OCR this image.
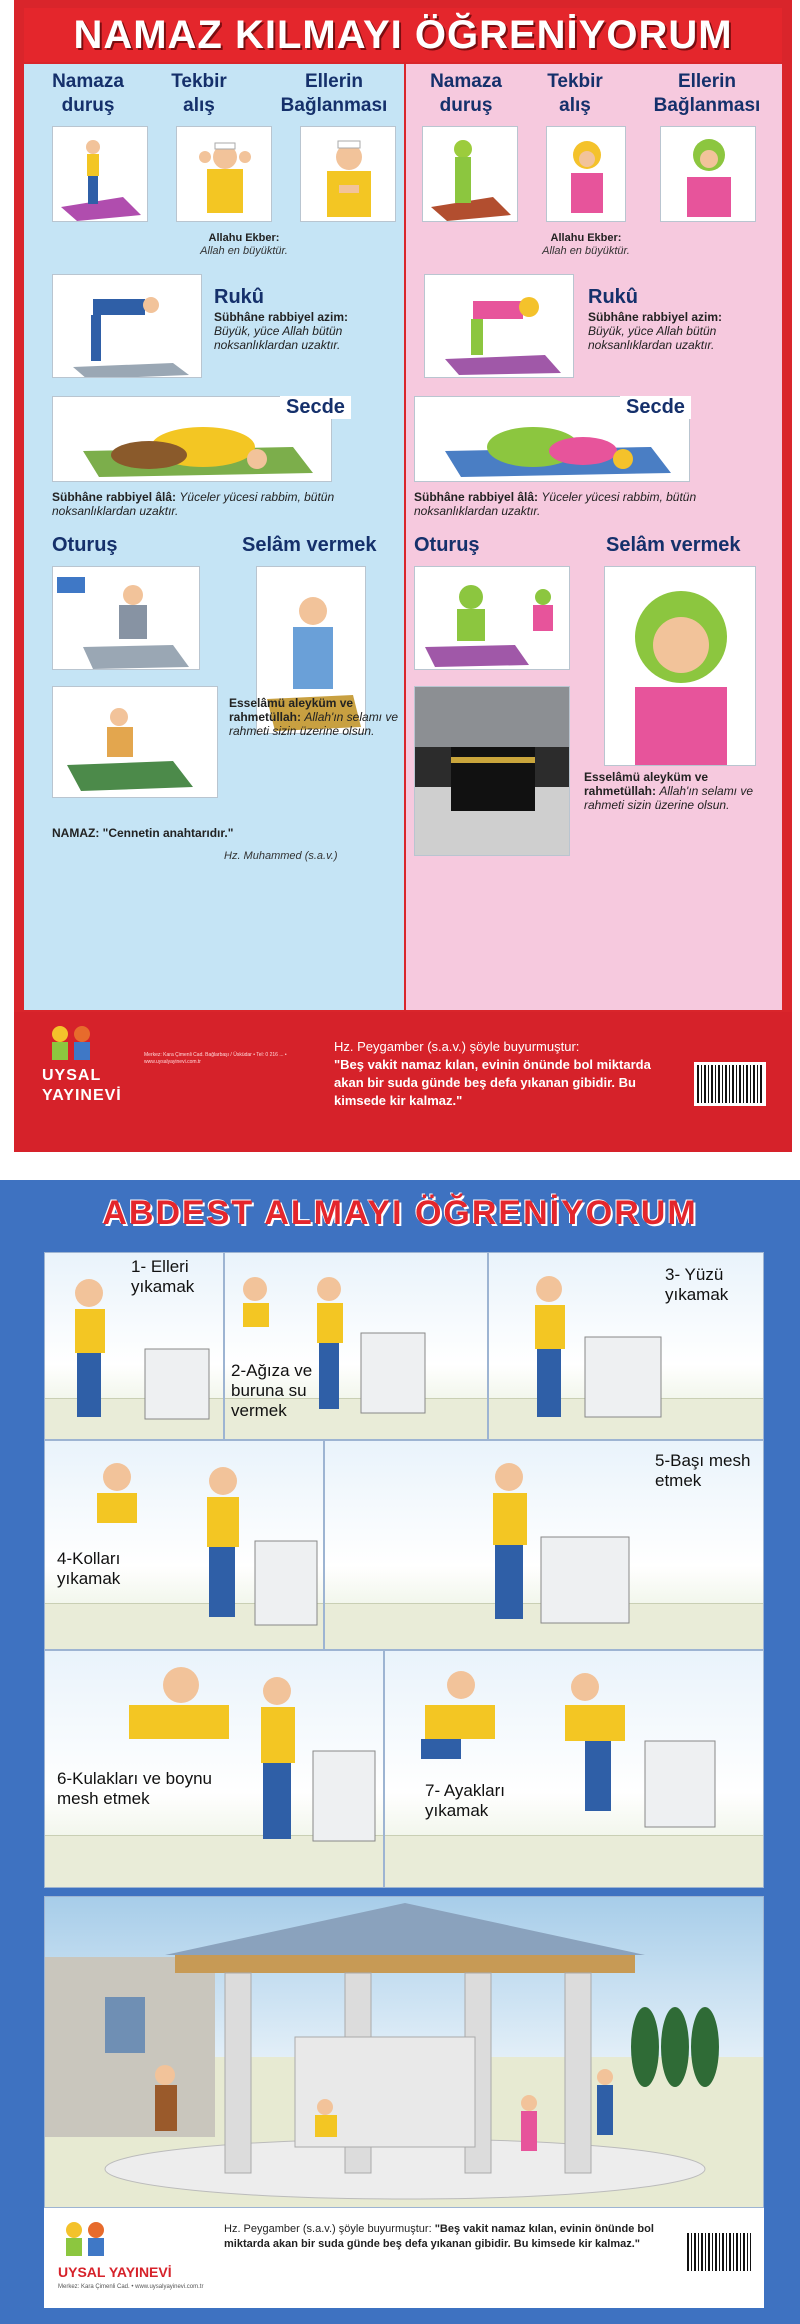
NAMAZ KILMAYI ÖĞRENİYORUM
Namaza duruş
Tekbir alış
Ellerin Bağlanması
Allahu Ekber:
Allah en büyüktür.
Rukû
Sübhâne rabbiyel azim:
Büyük, yüce Allah bütün noksanlıklardan uzaktır.
Secde
Sübhâne rabbiyel âlâ: Yüceler yücesi rabbim, bütün noksanlıklardan uzaktır.
Oturuş	Selâm vermek
Esselâmü aleyküm ve rahmetüllah: Allah'ın selamı ve rahmeti sizin üzerine olsun.
NAMAZ: "Cennetin anahtarıdır."
Hz. Muhammed (s.a.v.)
Namaza duruş
Tekbir alış
Ellerin Bağlanması
Allahu Ekber:
Allah en büyüktür.
Rukû
Sübhâne rabbiyel azim:
Büyük, yüce Allah bütün noksanlıklardan uzaktır.
Secde
Sübhâne rabbiyel âlâ: Yüceler yücesi rabbim, bütün noksanlıklardan uzaktır.
Oturuş	Selâm vermek
Esselâmü aleyküm ve rahmetüllah: Allah'ın selamı ve rahmeti sizin üzerine olsun.
UYSAL
YAYINEVİ
Merkez: Kara Çimenli Cad. Bağlarbaşı / Üsküdar • Tel: 0 216 ... • www.uysalyayinevi.com.tr
Hz. Peygamber (s.a.v.) şöyle buyurmuştur:
"Beş vakit namaz kılan, evinin önünde bol miktarda akan bir suda günde beş defa yıkanan gibidir. Bu kimsede kir kalmaz."
ABDEST ALMAYI ÖĞRENİYORUM
1- Elleri yıkamak
2-Ağıza ve buruna su vermek
3- Yüzü yıkamak
4-Kolları yıkamak
5-Başı mesh etmek
6-Kulakları ve boynu mesh etmek	7- Ayakları yıkamak
UYSAL YAYINEVİ
Merkez: Kara Çimenli Cad. • www.uysalyayinevi.com.tr
Hz. Peygamber (s.a.v.) şöyle buyurmuştur: "Beş vakit namaz kılan, evinin önünde bol miktarda akan bir suda günde beş defa yıkanan gibidir. Bu kimsede kir kalmaz."
